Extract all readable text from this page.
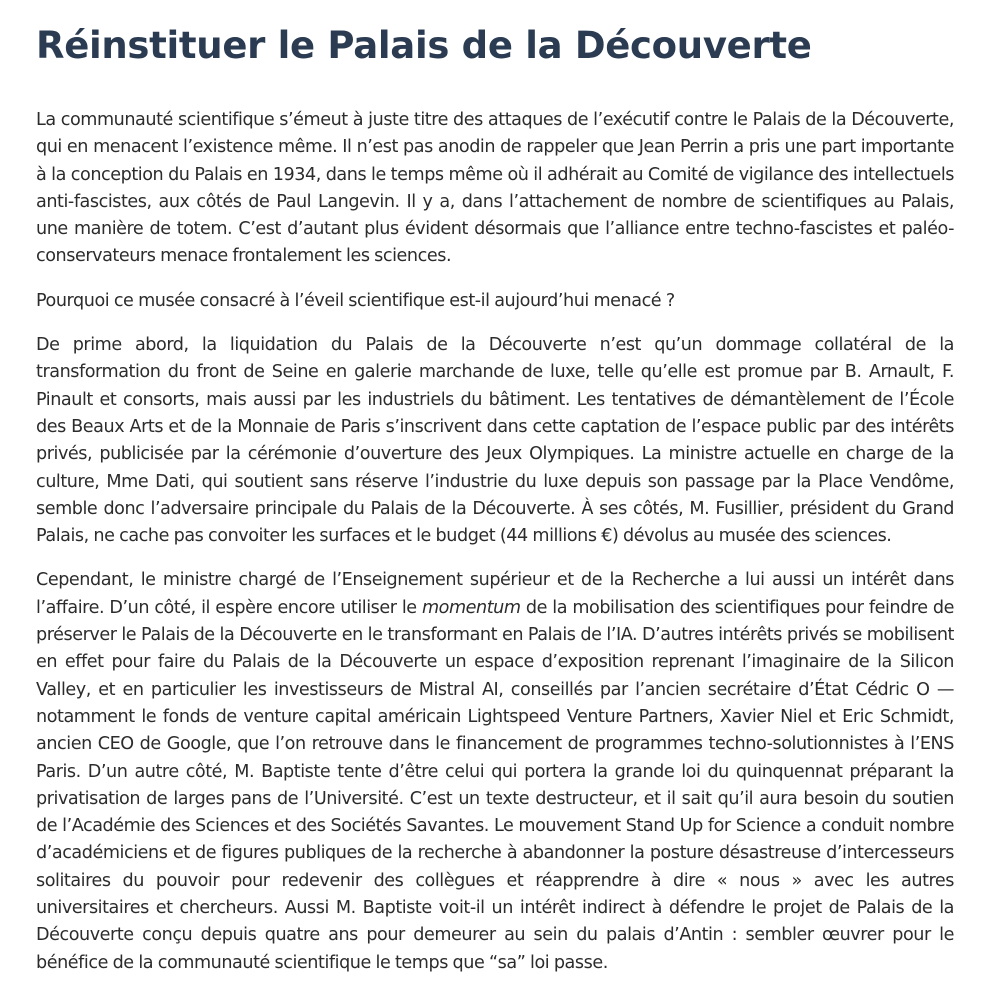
Réinstituer le Palais de la Découverte

La communauté scientifique s’émeut à juste titre des attaques de l’exécutif contre le Palais de la Découverte, qui en menacent l’existence même. Il n’est pas anodin de rappeler que Jean Perrin a pris une part importante à la conception du Palais en 1934, dans le temps même où il adhérait au Comité de vigilance des intellectuels anti-fascistes, aux côtés de Paul Langevin. Il y a, dans l’attachement de nombre de scientifiques au Palais, une manière de totem. C’est d’autant plus évident désormais que l’alliance entre techno-fascistes et paléo-conservateurs menace frontalement les sciences.

Pourquoi ce musée consacré à l’éveil scientifique est-il aujourd’hui menacé ?

De prime abord, la liquidation du Palais de la Découverte n’est qu’un dommage collatéral de la transformation du front de Seine en galerie marchande de luxe, telle qu’elle est promue par B. Arnault, F. Pinault et consorts, mais aussi par les industriels du bâtiment. Les tentatives de démantèlement de l’École des Beaux Arts et de la Monnaie de Paris s’inscrivent dans cette captation de l’espace public par des intérêts privés, publicisée par la cérémonie d’ouverture des Jeux Olympiques. La ministre actuelle en charge de la culture, Mme Dati, qui soutient sans réserve l’industrie du luxe depuis son passage par la Place Vendôme, semble donc l’adversaire principale du Palais de la Découverte. À ses côtés, M. Fusillier, président du Grand Palais, ne cache pas convoiter les surfaces et le budget (44 millions €) dévolus au musée des sciences.

Cependant, le ministre chargé de l’Enseignement supérieur et de la Recherche a lui aussi un intérêt dans l’affaire. D’un côté, il espère encore utiliser le momentum de la mobilisation des scientifiques pour feindre de préserver le Palais de la Découverte en le transformant en Palais de l’IA. D’autres intérêts privés se mobilisent en effet pour faire du Palais de la Découverte un espace d’exposition reprenant l’imaginaire de la Silicon Valley, et en particulier les investisseurs de Mistral AI, conseillés par l’ancien secrétaire d’État Cédric O — notamment le fonds de venture capital américain Lightspeed Venture Partners, Xavier Niel et Eric Schmidt, ancien CEO de Google, que l’on retrouve dans le financement de programmes techno-solutionnistes à l’ENS Paris. D’un autre côté, M. Baptiste tente d’être celui qui portera la grande loi du quinquennat préparant la privatisation de larges pans de l’Université. C’est un texte destructeur, et il sait qu’il aura besoin du soutien de l’Académie des Sciences et des Sociétés Savantes. Le mouvement Stand Up for Science a conduit nombre d’académiciens et de figures publiques de la recherche à abandonner la posture désastreuse d’intercesseurs solitaires du pouvoir pour redevenir des collègues et réapprendre à dire « nous » avec les autres universitaires et chercheurs. Aussi M. Baptiste voit-il un intérêt indirect à défendre le projet de Palais de la Découverte conçu depuis quatre ans pour demeurer au sein du palais d’Antin : sembler œuvrer pour le bénéfice de la communauté scientifique le temps que “sa” loi passe.
